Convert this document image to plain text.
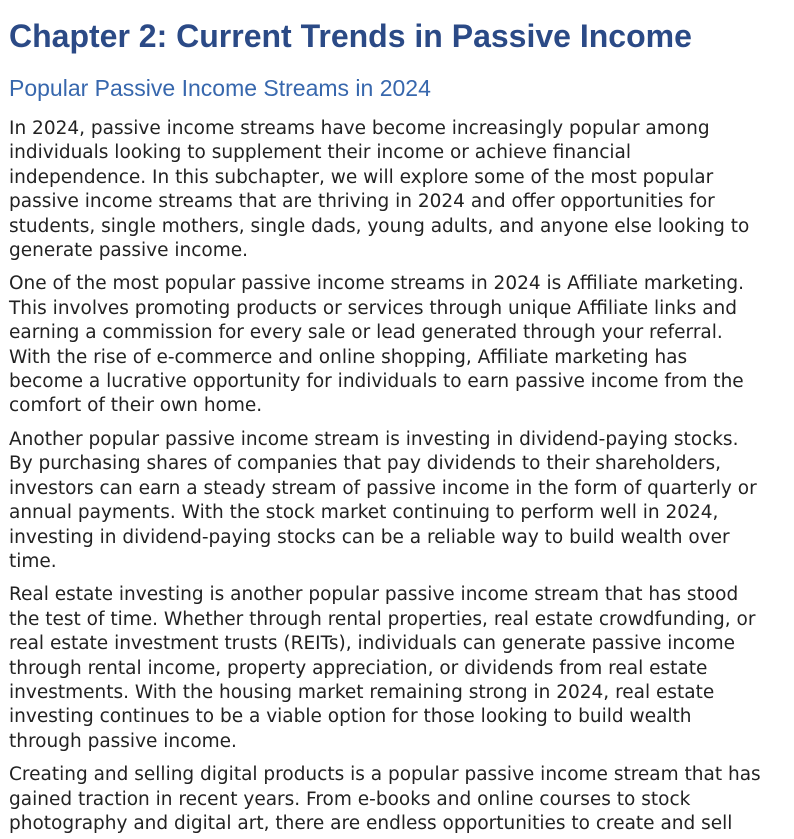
Chapter 2: Current Trends in Passive Income
Popular Passive Income Streams in 2024

In 2024, passive income streams have become increasingly popular among
individuals looking to supplement their income or achieve financial
independence. In this subchapter, we will explore some of the most popular
passive income streams that are thriving in 2024 and offer opportunities for
students, single mothers, single dads, young adults, and anyone else looking to
generate passive income.

One of the most popular passive income streams in 2024 is Affiliate marketing.
This involves promoting products or services through unique Affiliate links and
earning a commission for every sale or lead generated through your referral.
With the rise of e-commerce and online shopping, Affiliate marketing has
become a lucrative opportunity for individuals to earn passive income from the
comfort of their own home.

Another popular passive income stream is investing in dividend-paying stocks.
By purchasing shares of companies that pay dividends to their shareholders,
investors can earn a steady stream of passive income in the form of quarterly or
annual payments. With the stock market continuing to perform well in 2024,
investing in dividend-paying stocks can be a reliable way to build wealth over
time.

Real estate investing is another popular passive income stream that has stood
the test of time. Whether through rental properties, real estate crowdfunding, or
real estate investment trusts (REITs), individuals can generate passive income
through rental income, property appreciation, or dividends from real estate
investments. With the housing market remaining strong in 2024, real estate
investing continues to be a viable option for those looking to build wealth
through passive income.

Creating and selling digital products is a popular passive income stream that has
gained traction in recent years. From e-books and online courses to stock
photography and digital art, there are endless opportunities to create and sell
